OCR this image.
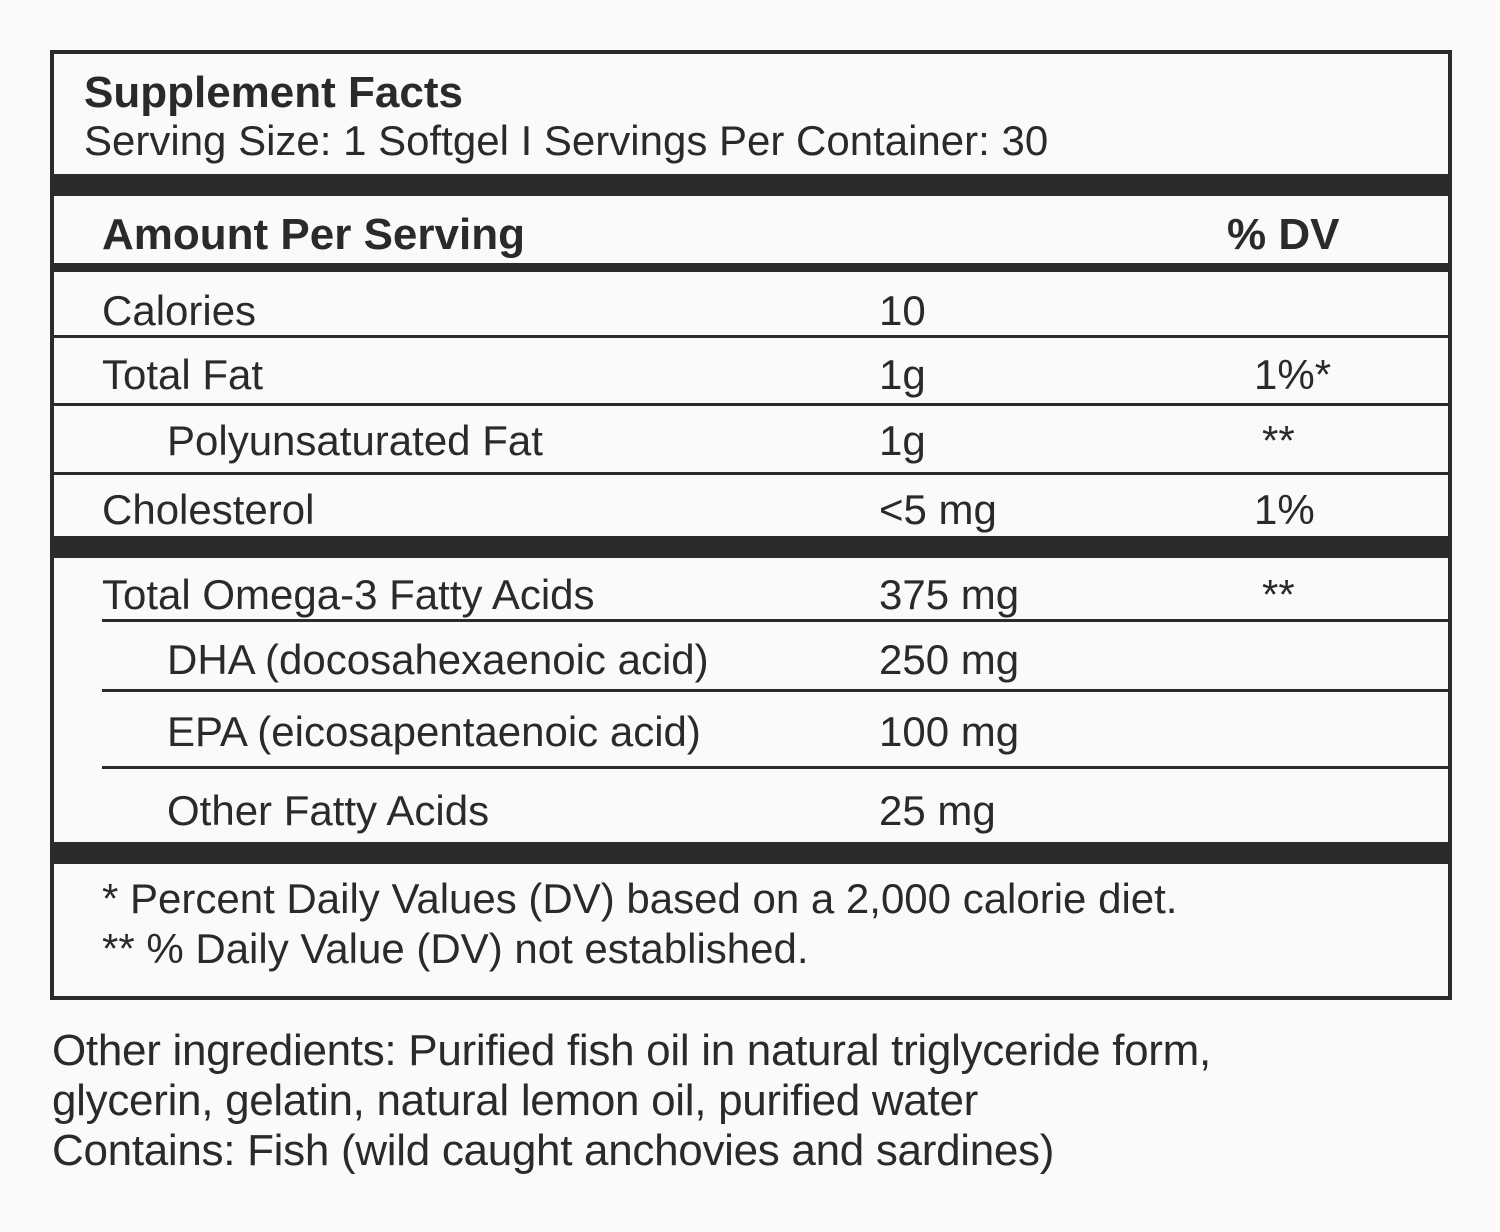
Supplement Facts
Serving Size: 1 Softgel I Servings Per Container: 30
Amount Per Serving	% DV
Calories	10
Total Fat	1g	1%*
Polyunsaturated Fat	1g	**
Cholesterol	<5 mg	1%
Total Omega-3 Fatty Acids	375 mg	**
DHA (docosahexaenoic acid)	250 mg
EPA (eicosapentaenoic acid)	100 mg
Other Fatty Acids	25 mg
* Percent Daily Values (DV) based on a 2,000 calorie diet.
** % Daily Value (DV) not established.
Other ingredients: Purified fish oil in natural triglyceride form,
glycerin, gelatin, natural lemon oil, purified water
Contains: Fish (wild caught anchovies and sardines)
